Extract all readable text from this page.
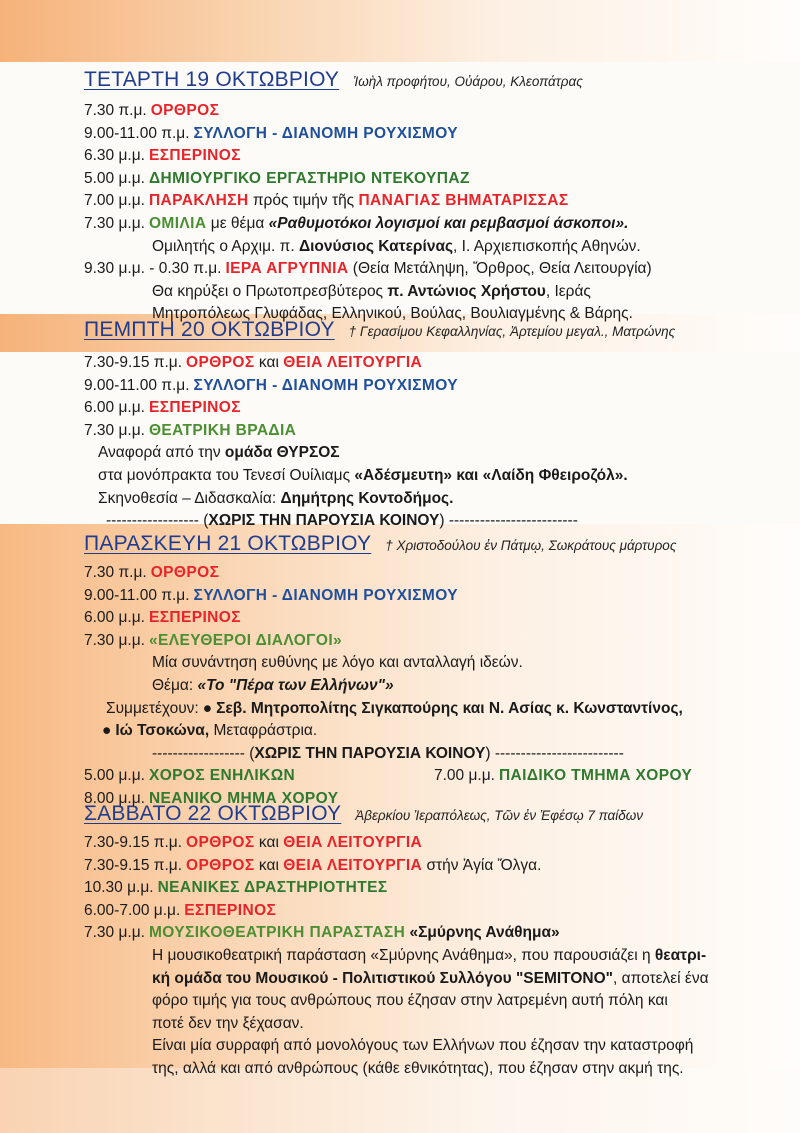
ΤΕΤΑΡΤΗ 19 ΟΚΤΩΒΡΙΟΥ Ἰωὴλ προφήτου, Οὐάρου, Κλεοπάτρας
7.30 π.μ. ΟΡΘΡΟΣ
9.00-11.00 π.μ. ΣΥΛΛΟΓΗ - ΔΙΑΝΟΜΗ ΡΟΥΧΙΣΜΟΥ
6.30 μ.μ. ΕΣΠΕΡΙΝΟΣ
5.00 μ.μ. ΔΗΜΙΟΥΡΓΙΚΟ ΕΡΓΑΣΤΗΡΙΟ ΝΤΕΚΟΥΠΑΖ
7.00 μ.μ. ΠΑΡΑΚΛΗΣΗ πρός τιμήν τῆς ΠΑΝΑΓΙΑΣ ΒΗΜΑΤΑΡΙΣΣΑΣ
7.30 μ.μ. ΟΜΙΛΙΑ με θέμα «Ραθυμοτόκοι λογισμοί και ρεμβασμοί άσκοποι».
Ομιλητής ο Αρχιμ. π. Διονύσιος Κατερίνας, Ι. Αρχιεπισκοπής Αθηνών.
9.30 μ.μ. - 0.30 π.μ. ΙΕΡΑ ΑΓΡΥΠΝΙΑ (Θεία Μετάληψη, Ὄρθρος, Θεία Λειτουργία)
Θα κηρύξει ο Πρωτοπρεσβύτερος π. Αντώνιος Χρήστου, Ιεράς
Μητροπόλεως Γλυφάδας, Ελληνικού, Βούλας, Βουλιαγμένης & Βάρης.
ΠΕΜΠΤΗ 20 ΟΚΤΩΒΡΙΟΥ † Γερασίμου Κεφαλληνίας, Ἀρτεμίου μεγαλ., Ματρώνης
7.30-9.15 π.μ. ΟΡΘΡΟΣ και ΘΕΙΑ ΛΕΙΤΟΥΡΓΙΑ
9.00-11.00 π.μ. ΣΥΛΛΟΓΗ - ΔΙΑΝΟΜΗ ΡΟΥΧΙΣΜΟΥ
6.00 μ.μ. ΕΣΠΕΡΙΝΟΣ
7.30 μ.μ. ΘΕΑΤΡΙΚΗ ΒΡΑΔΙΑ
Αναφορά από την ομάδα ΘΥΡΣΟΣ
στα μονόπρακτα του Τενεσί Ουίλιαμς «Αδέσμευτη» και «Λαίδη Φθειροζόλ».
Σκηνοθεσία – Διδασκαλία: Δημήτρης Κοντοδήμος.
------------------ (ΧΩΡΙΣ ΤΗΝ ΠΑΡΟΥΣΙΑ ΚΟΙΝΟΥ) -------------------------
ΠΑΡΑΣΚΕΥΗ 21 ΟΚΤΩΒΡΙΟΥ † Χριστοδούλου ἐν Πάτμῳ, Σωκράτους μάρτυρος
7.30 π.μ. ΟΡΘΡΟΣ
9.00-11.00 π.μ. ΣΥΛΛΟΓΗ - ΔΙΑΝΟΜΗ ΡΟΥΧΙΣΜΟΥ
6.00 μ.μ. ΕΣΠΕΡΙΝΟΣ
7.30 μ.μ. «ΕΛΕΥΘΕΡΟΙ ΔΙΑΛΟΓΟΙ»
Μία συνάντηση ευθύνης με λόγο και ανταλλαγή ιδεών.
Θέμα: «Το "Πέρα των Ελλήνων"»
Συμμετέχουν: ● Σεβ. Μητροπολίτης Σιγκαπούρης και Ν. Ασίας κ. Κωνσταντίνος,
● Ιώ Τσοκώνα, Μεταφράστρια.
------------------ (ΧΩΡΙΣ ΤΗΝ ΠΑΡΟΥΣΙΑ ΚΟΙΝΟΥ) -------------------------
5.00 μ.μ. ΧΟΡΟΣ ΕΝΗΛΙΚΩΝ	7.00 μ.μ. ΠΑΙΔΙΚΟ ΤΜΗΜΑ ΧΟΡΟΥ
8.00 μ.μ. ΝΕΑΝΙΚΟ ΜΗΜΑ ΧΟΡΟΥ
ΣΑΒΒΑΤΟ 22 ΟΚΤΩΒΡΙΟΥ Ἀβερκίου Ἱεραπόλεως, Τῶν ἐν Ἐφέσῳ 7 παίδων
7.30-9.15 π.μ. ΟΡΘΡΟΣ και ΘΕΙΑ ΛΕΙΤΟΥΡΓΙΑ
7.30-9.15 π.μ. ΟΡΘΡΟΣ και ΘΕΙΑ ΛΕΙΤΟΥΡΓΙΑ στήν Ἁγία Ὄλγα.
10.30 μ.μ. ΝΕΑΝΙΚΕΣ ΔΡΑΣΤΗΡΙΟΤΗΤΕΣ
6.00-7.00 μ.μ. ΕΣΠΕΡΙΝΟΣ
7.30 μ.μ. ΜΟΥΣΙΚΟΘΕΑΤΡΙΚΗ ΠΑΡΑΣΤΑΣΗ «Σμύρνης Ανάθημα»
Η μουσικοθεατρική παράσταση «Σμύρνης Ανάθημα», που παρουσιάζει η θεατρι-
κή ομάδα του Μουσικού - Πολιτιστικού Συλλόγου "SEMITONO", αποτελεί ένα
φόρο τιμής για τους ανθρώπους που έζησαν στην λατρεμένη αυτή πόλη και
ποτέ δεν την ξέχασαν.
Είναι μία συρραφή από μονολόγους των Ελλήνων που έζησαν την καταστροφή
της, αλλά και από ανθρώπους (κάθε εθνικότητας), που έζησαν στην ακμή της.
